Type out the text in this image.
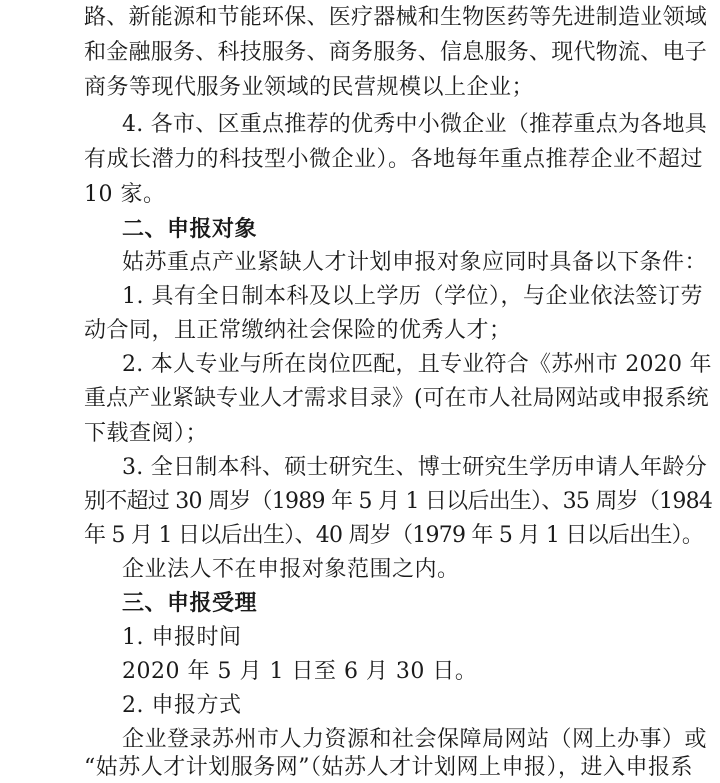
路、新能源和节能环保、医疗器械和生物医药等先进制造业领域
和金融服务、科技服务、商务服务、信息服务、现代物流、电子
商务等现代服务业领域的民营规模以上企业；
4. 各市、区重点推荐的优秀中小微企业（推荐重点为各地具
有成长潜力的科技型小微企业）。各地每年重点推荐企业不超过
10 家。
二、申报对象
姑苏重点产业紧缺人才计划申报对象应同时具备以下条件：
1. 具有全日制本科及以上学历（学位），与企业依法签订劳
动合同，且正常缴纳社会保险的优秀人才；
2. 本人专业与所在岗位匹配，且专业符合《苏州市 2020 年
重点产业紧缺专业人才需求目录》(可在市人社局网站或申报系统
下载查阅）；
3. 全日制本科、硕士研究生、博士研究生学历申请人年龄分
别不超过 30 周岁（1989 年 5 月 1 日以后出生）、35 周岁（1984
年 5 月 1 日以后出生）、40 周岁（1979 年 5 月 1 日以后出生）。
企业法人不在申报对象范围之内。
三、申报受理
1. 申报时间
2020 年 5 月 1 日至 6 月 30 日。
2. 申报方式
企业登录苏州市人力资源和社会保障局网站（网上办事）或
“姑苏人才计划服务网”（姑苏人才计划网上申报），进入申报系
